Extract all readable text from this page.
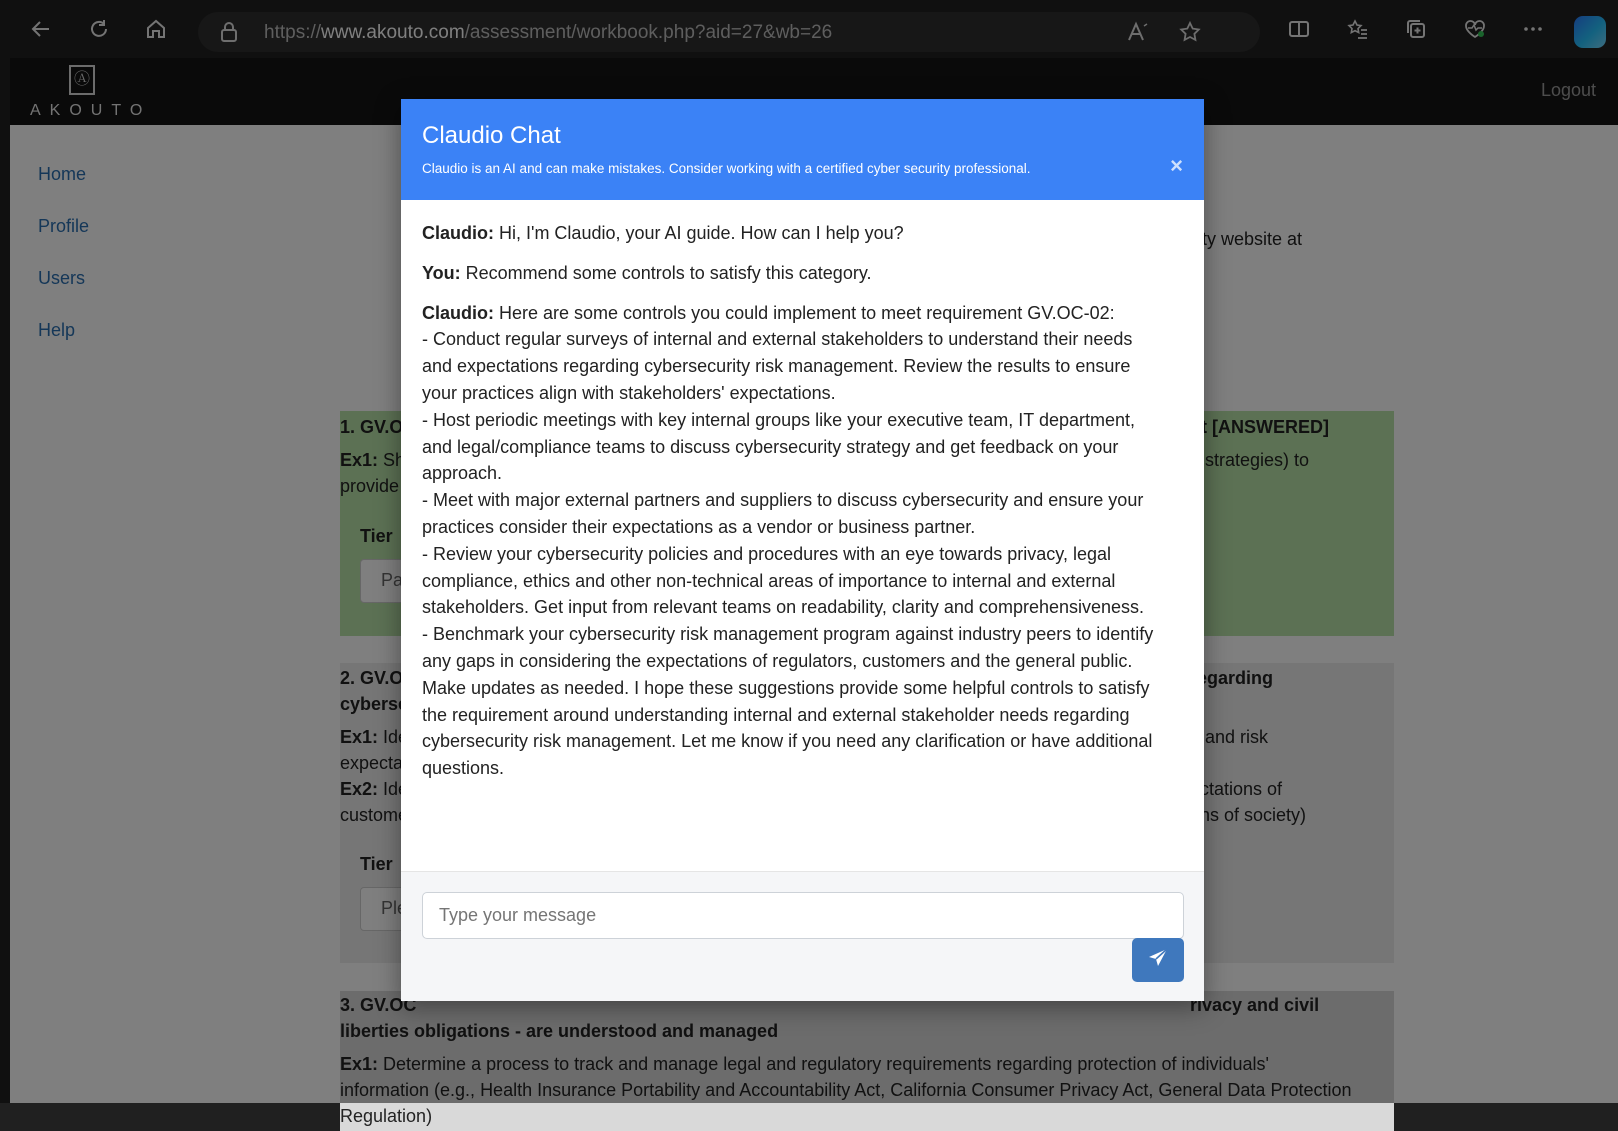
Regulation)
Claudio Chat
Claudio is an AI and can make mistakes. Consider working with a certified cyber security professional.	×
Claudio: Hi, I'm Claudio, your AI guide. How can I help you?
You: Recommend some controls to satisfy this category.
Claudio: Here are some controls you could implement to meet requirement GV.OC-02:
- Conduct regular surveys of internal and external stakeholders to understand their needs
and expectations regarding cybersecurity risk management. Review the results to ensure
your practices align with stakeholders' expectations.
- Host periodic meetings with key internal groups like your executive team, IT department,
and legal/compliance teams to discuss cybersecurity strategy and get feedback on your
approach.
- Meet with major external partners and suppliers to discuss cybersecurity and ensure your
practices consider their expectations as a vendor or business partner.
- Review your cybersecurity policies and procedures with an eye towards privacy, legal
compliance, ethics and other non-technical areas of importance to internal and external
stakeholders. Get input from relevant teams on readability, clarity and comprehensiveness.
- Benchmark your cybersecurity risk management program against industry peers to identify
any gaps in considering the expectations of regulators, customers and the general public.
Make updates as needed. I hope these suggestions provide some helpful controls to satisfy
the requirement around understanding internal and external stakeholder needs regarding
cybersecurity risk management. Let me know if you need any clarification or have additional
questions.
Type your message
